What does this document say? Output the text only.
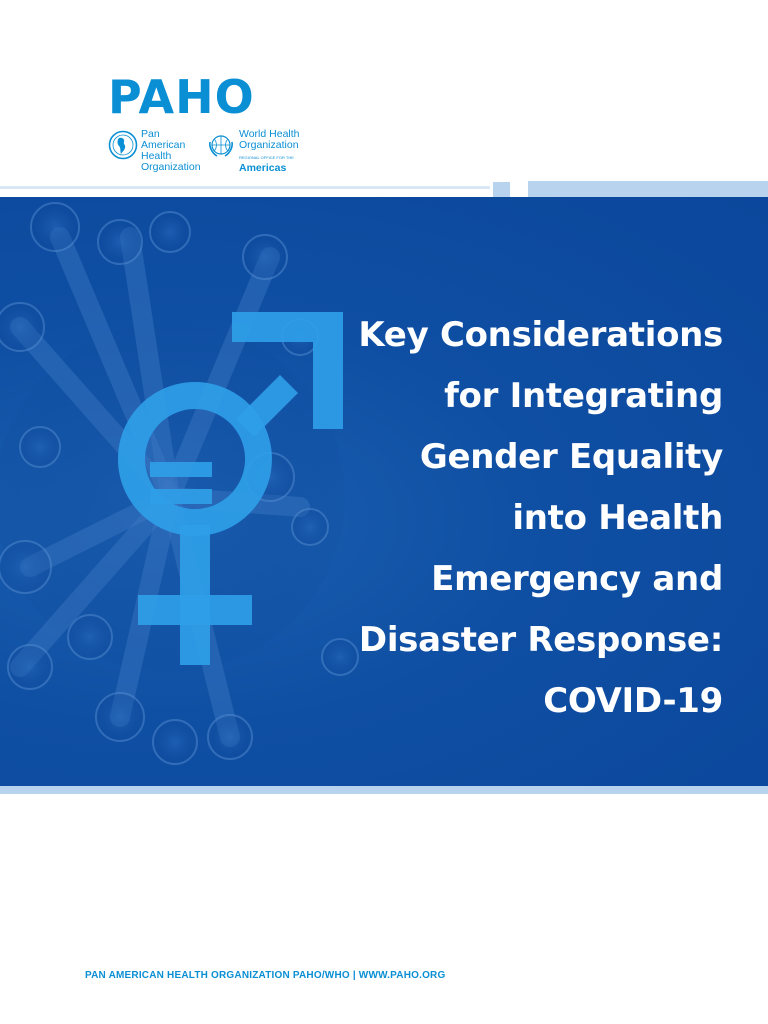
PAHO
Pan American
Health
Organization
World Health
Organization
REGIONAL OFFICE FOR THE Americas
Key Considerations
for Integrating
Gender Equality
into Health
Emergency and
Disaster Response:
COVID-19
PAN AMERICAN HEALTH ORGANIZATION PAHO/WHO | WWW.PAHO.ORG
